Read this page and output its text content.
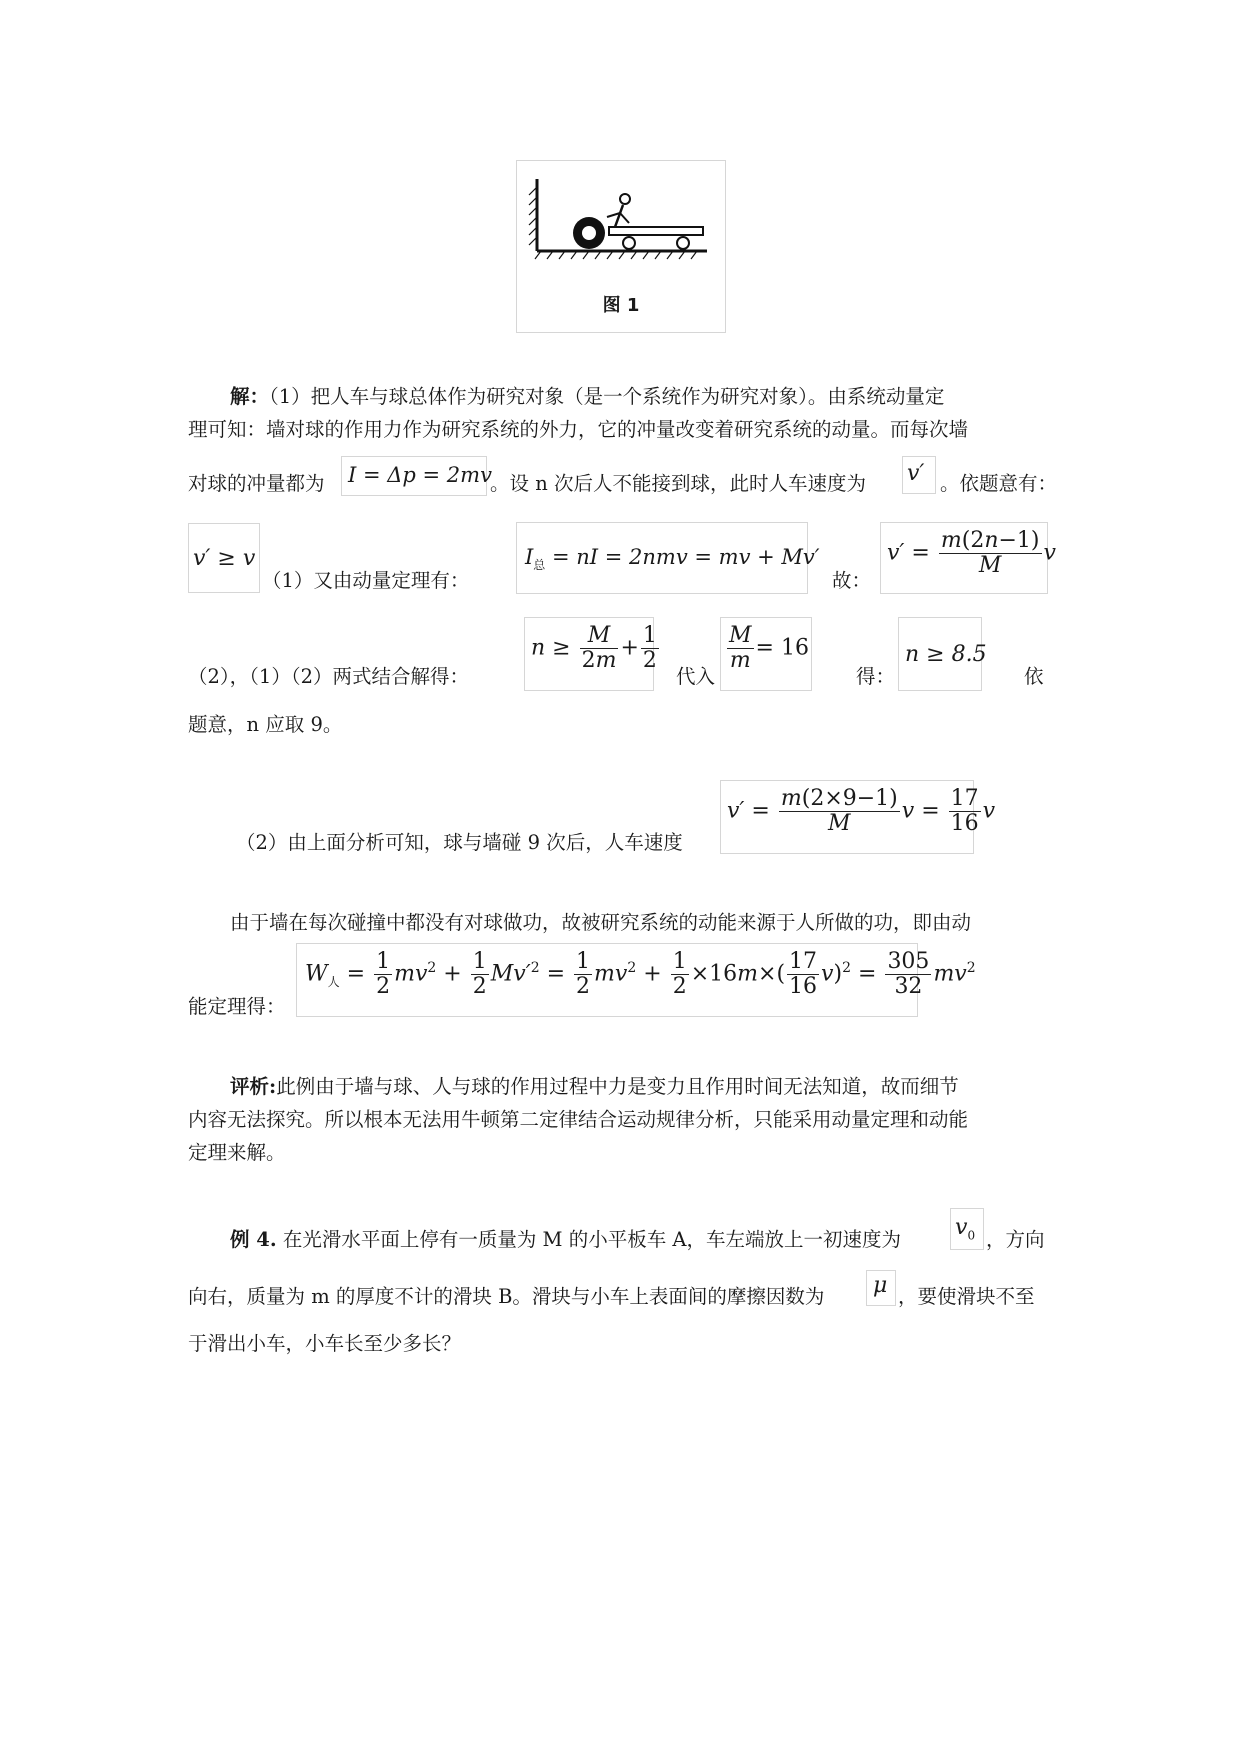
图 1
解：（1）把人车与球总体作为研究对象（是一个系统作为研究对象）。由系统动量定
理可知：墙对球的作用力作为研究系统的外力，它的冲量改变着研究系统的动量。而每次墙
对球的冲量都为 I = Δp = 2mv
。设 n 次后人不能接到球，此时人车速度为 v′ 。依题意有：
v′ ≥ v
（1）又由动量定理有：
$I_总$ = nI = 2nmv = mv + Mv′
故：
$v' = \frac{m(2n-1)}{M}$ v
$n \ge \frac{M}{2m} + \frac{1}{2}$	$\frac{M}{m} = 16$	n ≥ 8.5
（2），（1）（2）两式结合解得：	代入	得：	依
题意，n 应取 9。
（2）由上面分析可知，球与墙碰 9 次后，人车速度
$v' = \frac{m(2\times 9-1)}{M}$ $v = \frac{17}{16}$ v
由于墙在每次碰撞中都没有对球做功，故被研究系统的动能来源于人所做的功，即由动
$W_人 = \frac{1}{2} mv^2 + \frac{1}{2} Mv'^2 = \frac{1}{2} mv^2 + \frac{1}{2} \times 16m\times( \frac{17}{16} v)^2 = \frac{305}{32} mv^2$
能定理得：
评析:此例由于墙与球、人与球的作用过程中力是变力且作用时间无法知道，故而细节
内容无法探究。所以根本无法用牛顿第二定律结合运动规律分析，只能采用动量定理和动能
定理来解。
例 4. 在光滑水平面上停有一质量为 M 的小平板车 A，车左端放上一初速度为 $v_0$ ，方向
向右，质量为 m 的厚度不计的滑块 B。滑块与小车上表面间的摩擦因数为 μ ，要使滑块不至
于滑出小车，小车长至少多长？
